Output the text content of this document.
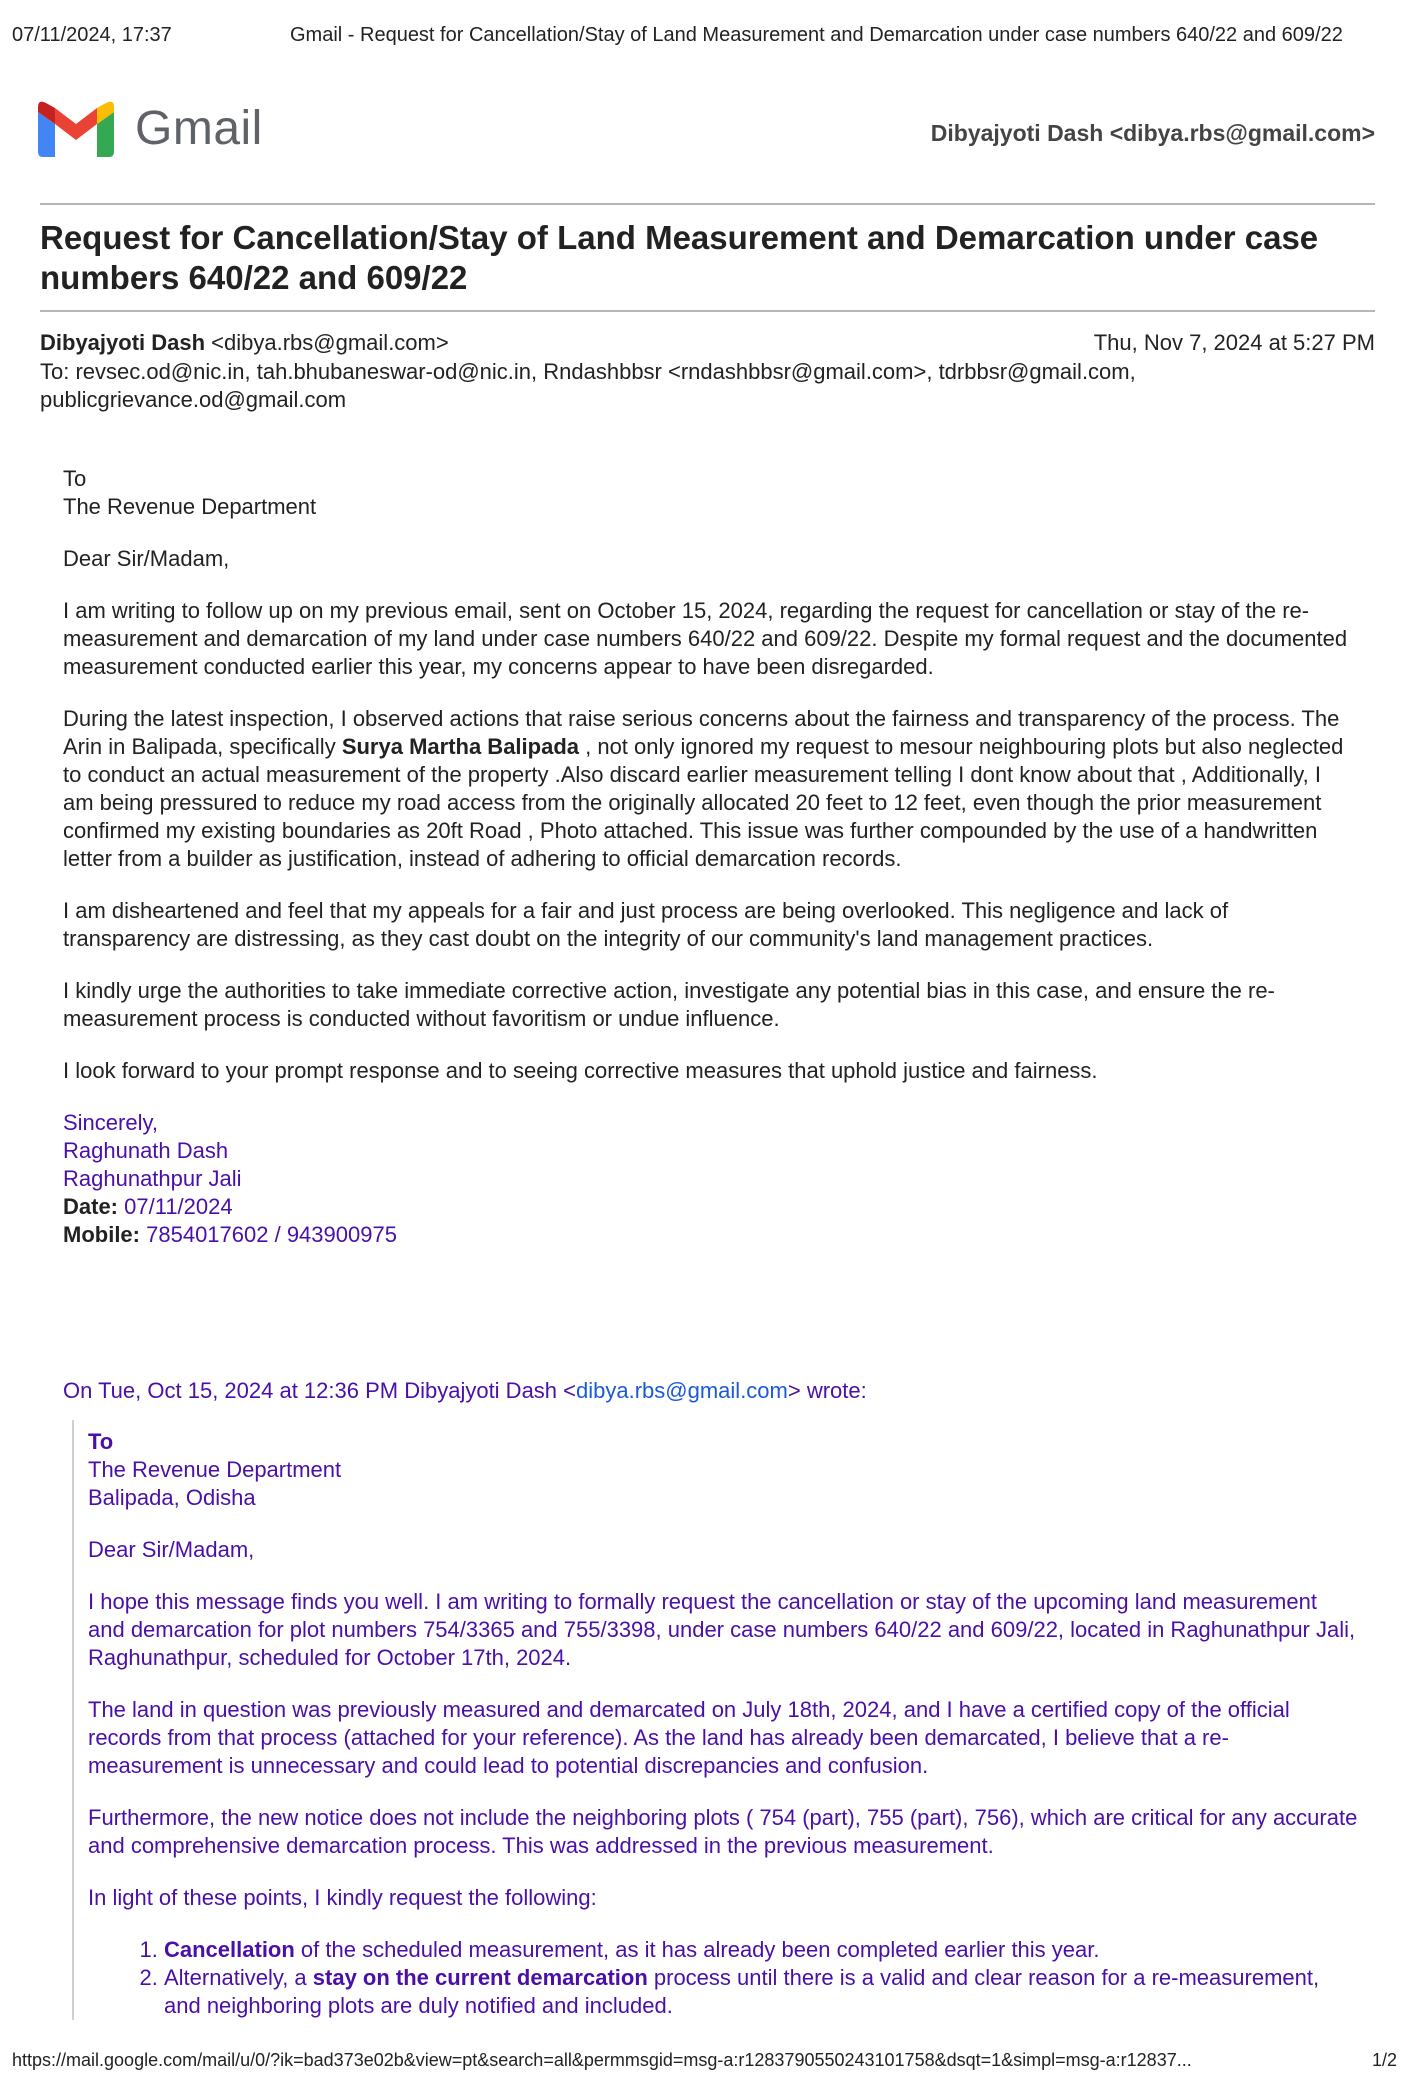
07/11/2024, 17:37	Gmail - Request for Cancellation/Stay of Land Measurement and Demarcation under case numbers 640/22 and 609/22
Gmail	Dibyajyoti Dash <dibya.rbs@gmail.com>
Request for Cancellation/Stay of Land Measurement and Demarcation under case numbers 640/22 and 609/22
Dibyajyoti Dash <dibya.rbs@gmail.com>	Thu, Nov 7, 2024 at 5:27 PM
To: revsec.od@nic.in, tah.bhubaneswar-od@nic.in, Rndashbbsr <rndashbbsr@gmail.com>, tdrbbsr@gmail.com, publicgrievance.od@gmail.com

To
The Revenue Department

Dear Sir/Madam,

I am writing to follow up on my previous email, sent on October 15, 2024, regarding the request for cancellation or stay of the re-measurement and demarcation of my land under case numbers 640/22 and 609/22. Despite my formal request and the documented measurement conducted earlier this year, my concerns appear to have been disregarded.

During the latest inspection, I observed actions that raise serious concerns about the fairness and transparency of the process. The Arin in Balipada, specifically Surya Martha Balipada , not only ignored my request to mesour neighbouring plots but also neglected to conduct an actual measurement of the property .Also discard earlier measurement telling I dont know about that , Additionally, I am being pressured to reduce my road access from the originally allocated 20 feet to 12 feet, even though the prior measurement confirmed my existing boundaries as 20ft Road , Photo attached. This issue was further compounded by the use of a handwritten letter from a builder as justification, instead of adhering to official demarcation records.

I am disheartened and feel that my appeals for a fair and just process are being overlooked. This negligence and lack of transparency are distressing, as they cast doubt on the integrity of our community's land management practices.

I kindly urge the authorities to take immediate corrective action, investigate any potential bias in this case, and ensure the re-measurement process is conducted without favoritism or undue influence.

I look forward to your prompt response and to seeing corrective measures that uphold justice and fairness.

Sincerely,
Raghunath Dash
Raghunathpur Jali
Date: 07/11/2024
Mobile: 7854017602 / 943900975
On Tue, Oct 15, 2024 at 12:36 PM Dibyajyoti Dash <dibya.rbs@gmail.com> wrote:

To
The Revenue Department
Balipada, Odisha

Dear Sir/Madam,

I hope this message finds you well. I am writing to formally request the cancellation or stay of the upcoming land measurement and demarcation for plot numbers 754/3365 and 755/3398, under case numbers 640/22 and 609/22, located in Raghunathpur Jali, Raghunathpur, scheduled for October 17th, 2024.

The land in question was previously measured and demarcated on July 18th, 2024, and I have a certified copy of the official records from that process (attached for your reference). As the land has already been demarcated, I believe that a re-measurement is unnecessary and could lead to potential discrepancies and confusion.

Furthermore, the new notice does not include the neighboring plots ( 754 (part), 755 (part), 756), which are critical for any accurate and comprehensive demarcation process. This was addressed in the previous measurement.

In light of these points, I kindly request the following:

1. Cancellation of the scheduled measurement, as it has already been completed earlier this year.
2. Alternatively, a stay on the current demarcation process until there is a valid and clear reason for a re-measurement, and neighboring plots are duly notified and included.
https://mail.google.com/mail/u/0/?ik=bad373e02b&view=pt&search=all&permmsgid=msg-a:r1283790550243101758&dsqt=1&simpl=msg-a:r12837...	1/2
